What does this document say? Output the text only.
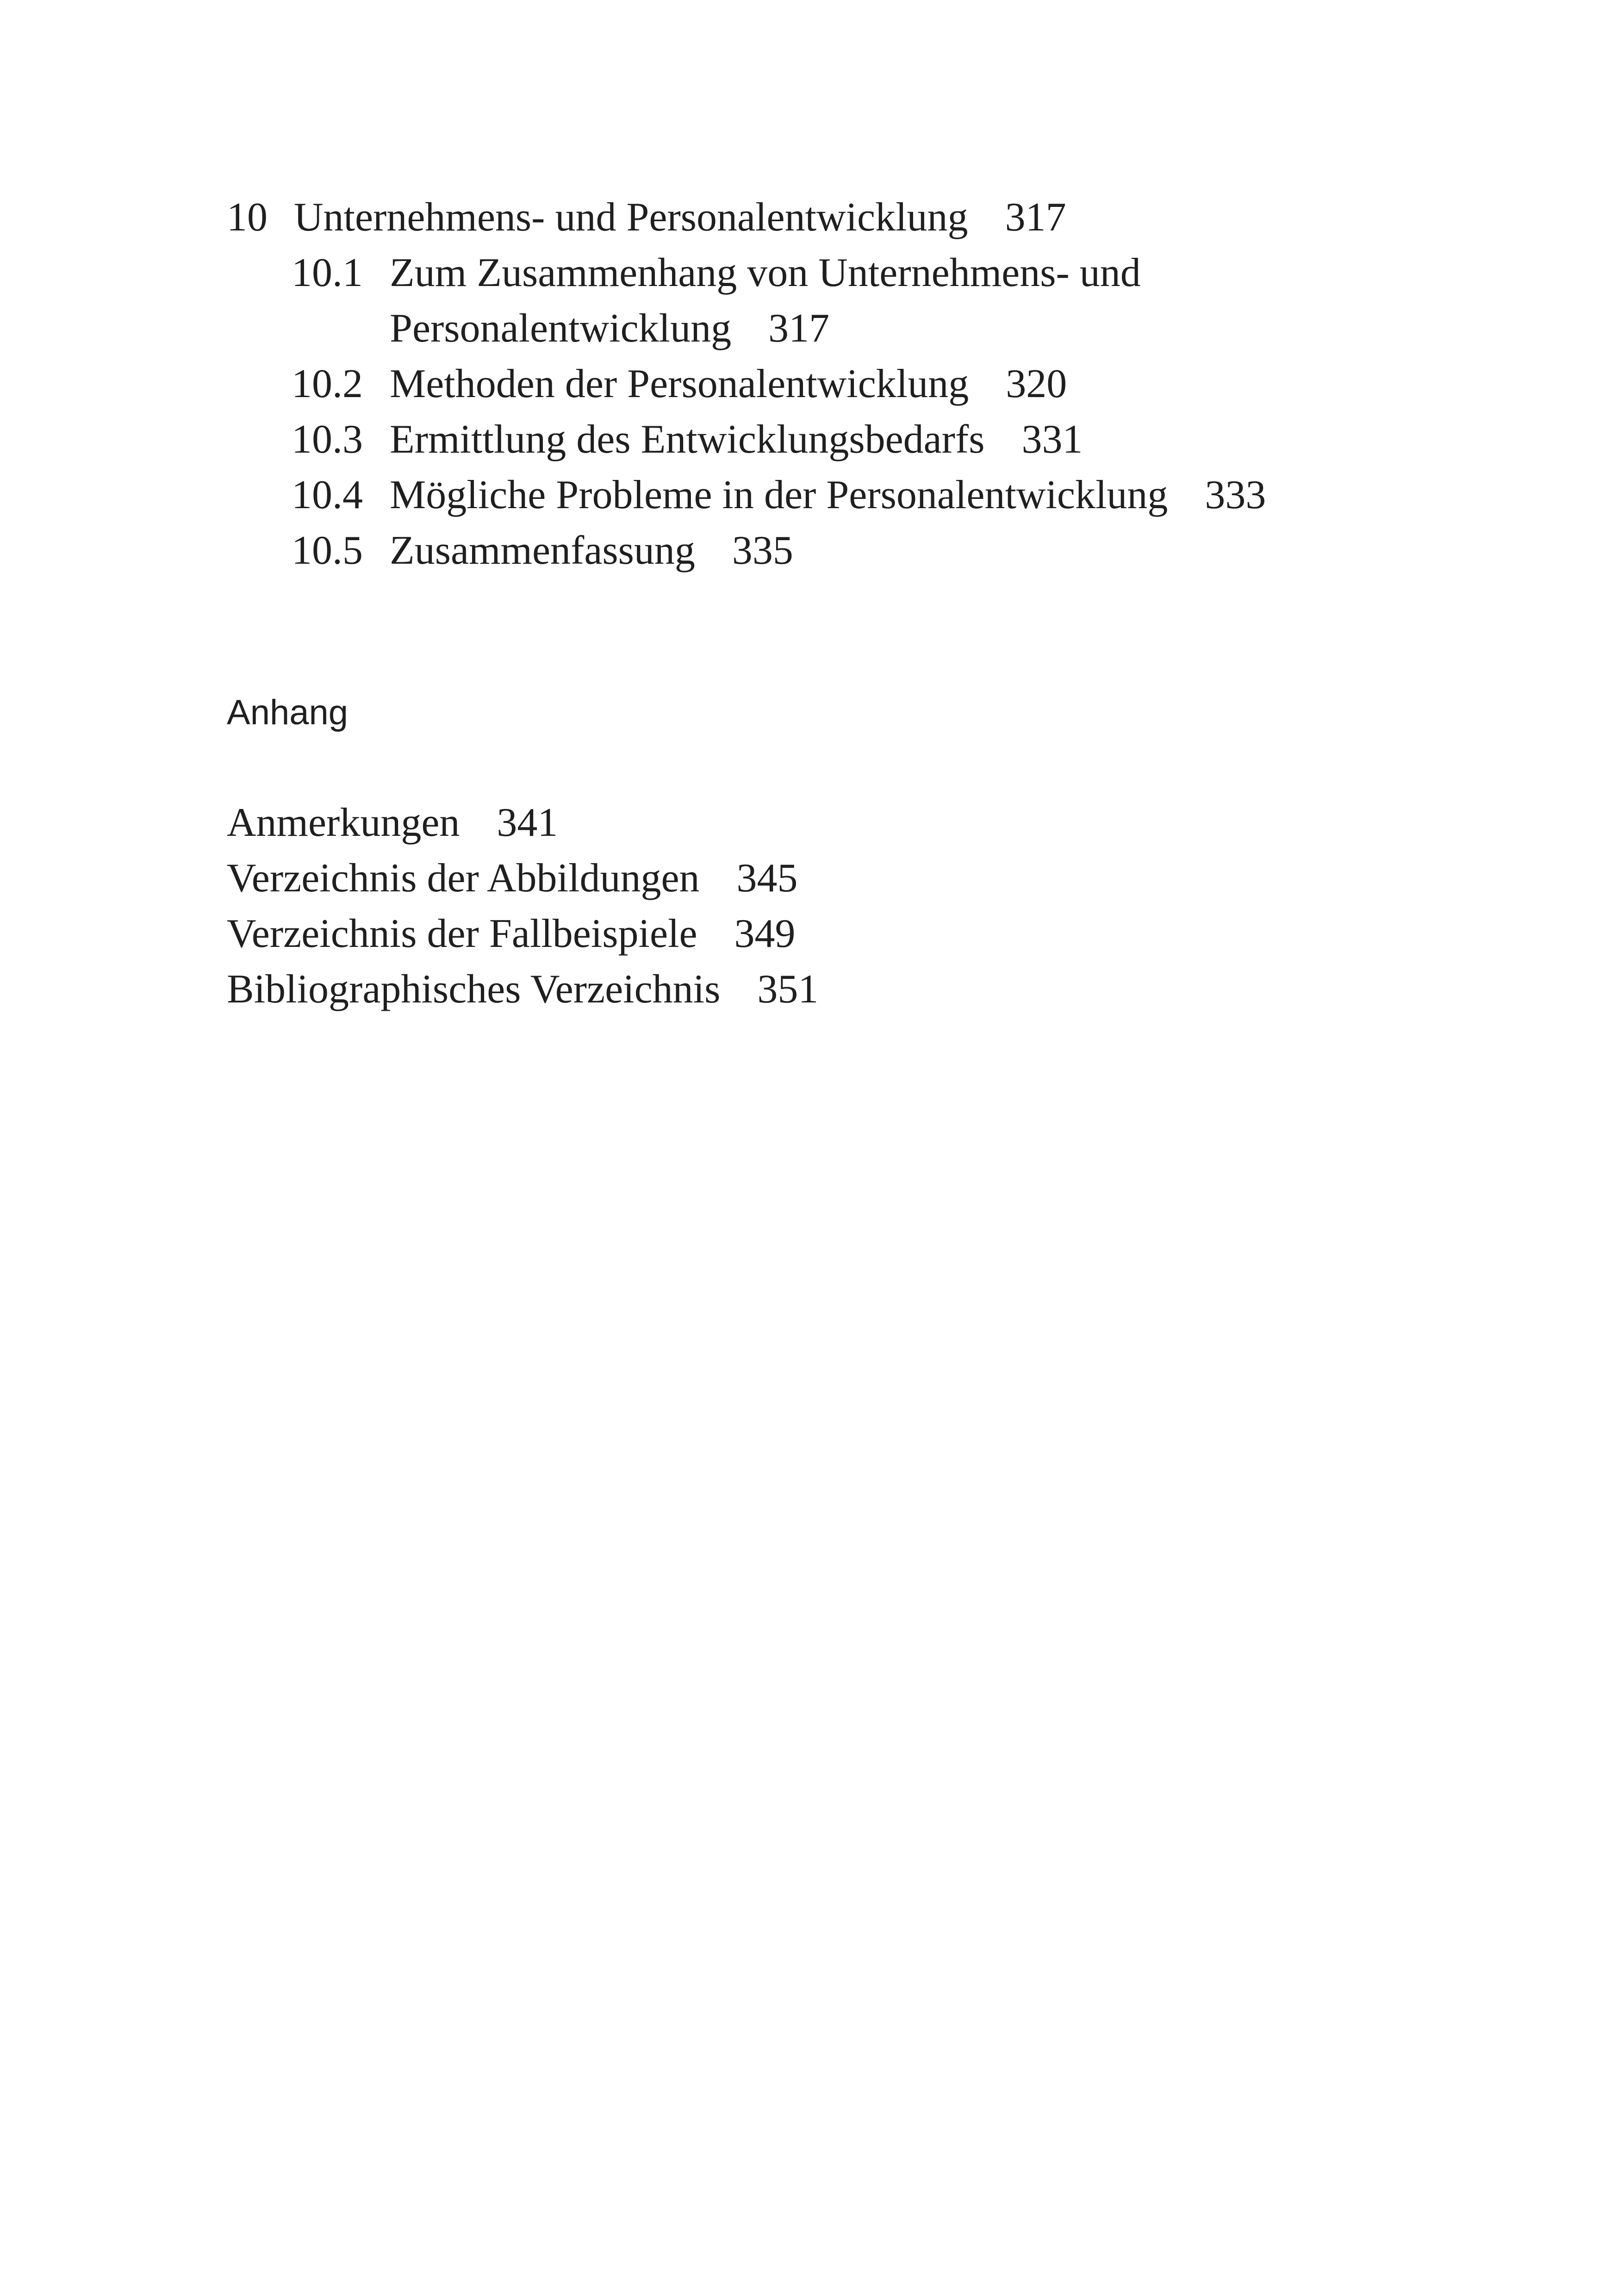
10 Unternehmens- und Personalentwicklung 317
10.1 Zum Zusammenhang von Unternehmens- und
Personalentwicklung 317
10.2 Methoden der Personalentwicklung 320
10.3 Ermittlung des Entwicklungsbedarfs 331
10.4 Mögliche Probleme in der Personalentwicklung 333
10.5 Zusammenfassung 335
Anhang
Anmerkungen 341
Verzeichnis der Abbildungen 345
Verzeichnis der Fallbeispiele 349
Bibliographisches Verzeichnis 351
